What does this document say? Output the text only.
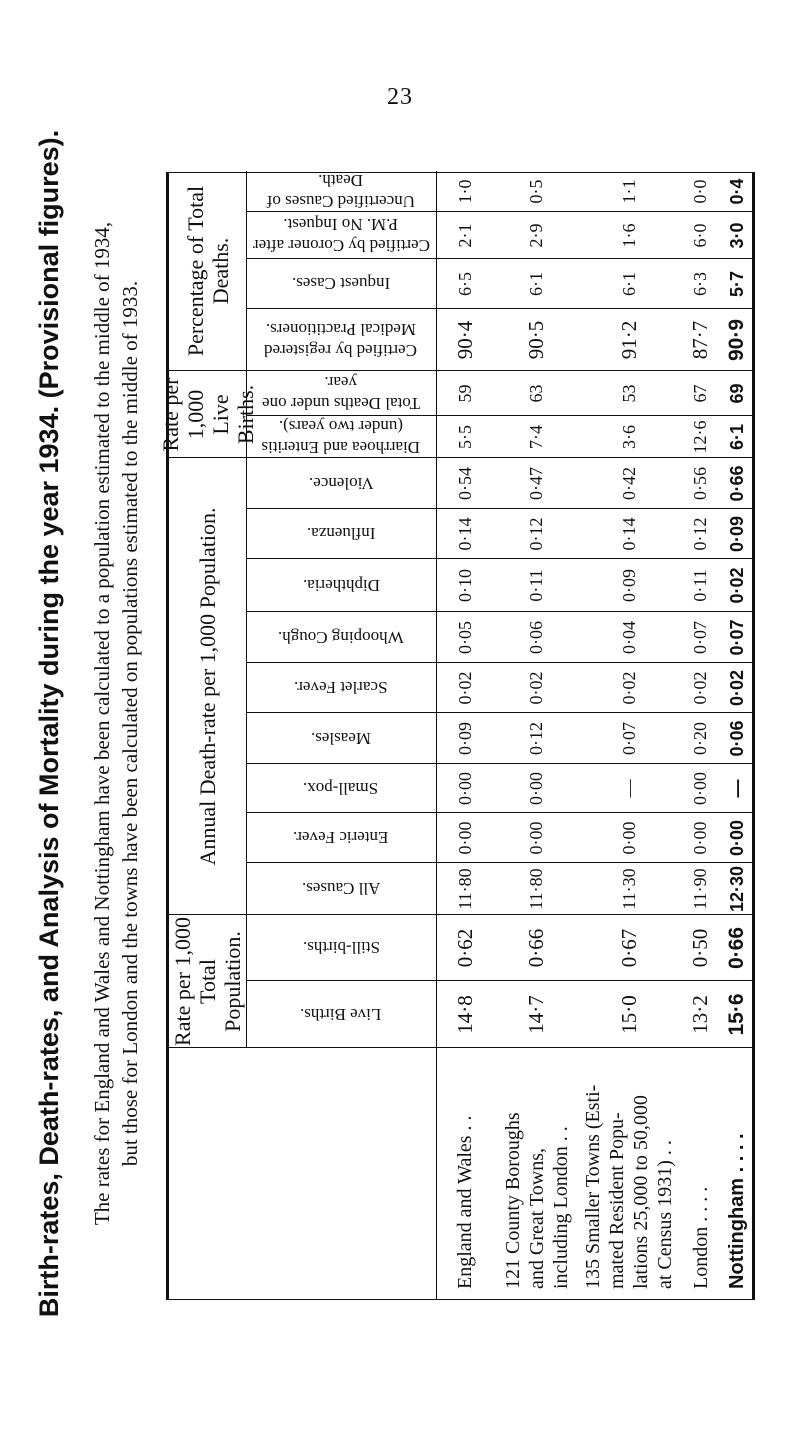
23
Birth-rates, Death-rates, and Analysis of Mortality during the year 1934. (Provisional figures). The rates for England and Wales and Nottingham have been calculated to a population estimated to the middle of 1934, but those for London and the towns have been calculated on populations estimated to the middle of 1933. Rate per 1,000 Total Population.
Annual Death-rate per 1,000 Population.
Rate per 1,000 Live Births.
Percentage of Total Deaths.
Live Births.
Still-births.
All Causes.
Enteric Fever.
Small-pox.
Measles.
Scarlet Fever.
Whooping Cough.
Diphtheria.
Influenza.
Violence.
Diarrhoea and Enteritis (under two years).
Total Deaths under one year.
Certified by registered Medical Practitioners.
Inquest Cases.
Certified by Coroner after P.M. No Inquest.
Uncertified Causes of Death.
England and Wales . .
14·8
0·62
11·80
0·00
0·00
0·09
0·02
0·05
0·10
0·14
0·54
5·5
59
90·4
6·5
2·1
1·0
121 County Boroughs
and Great Towns,
including London . .
14·7
0·66
11·80
0·00
0·00
0·12
0·02
0·06
0·11
0·12
0·47
7·4
63
90·5
6·1
2·9
0·5
135 Smaller Towns (Esti-
mated Resident Popu-
lations 25,000 to 50,000
at Census 1931) . .
15·0
0·67
11·30
0·00
—
0·07
0·02
0·04
0·09
0·14
0·42
3·6
53
91·2
6·1
1·6
1·1
London . . . .
13·2
0·50
11·90
0·00
0·00
0·20
0·02
0·07
0·11
0·12
0·56
12·6
67
87·7
6·3
6·0
0·0
Nottingham . . . .
15·6
0·66
12·30
0·00
—
0·06
0·02
0·07
0·02
0·09
0·66
6·1
69
90·9
5·7
3·0
0·4
